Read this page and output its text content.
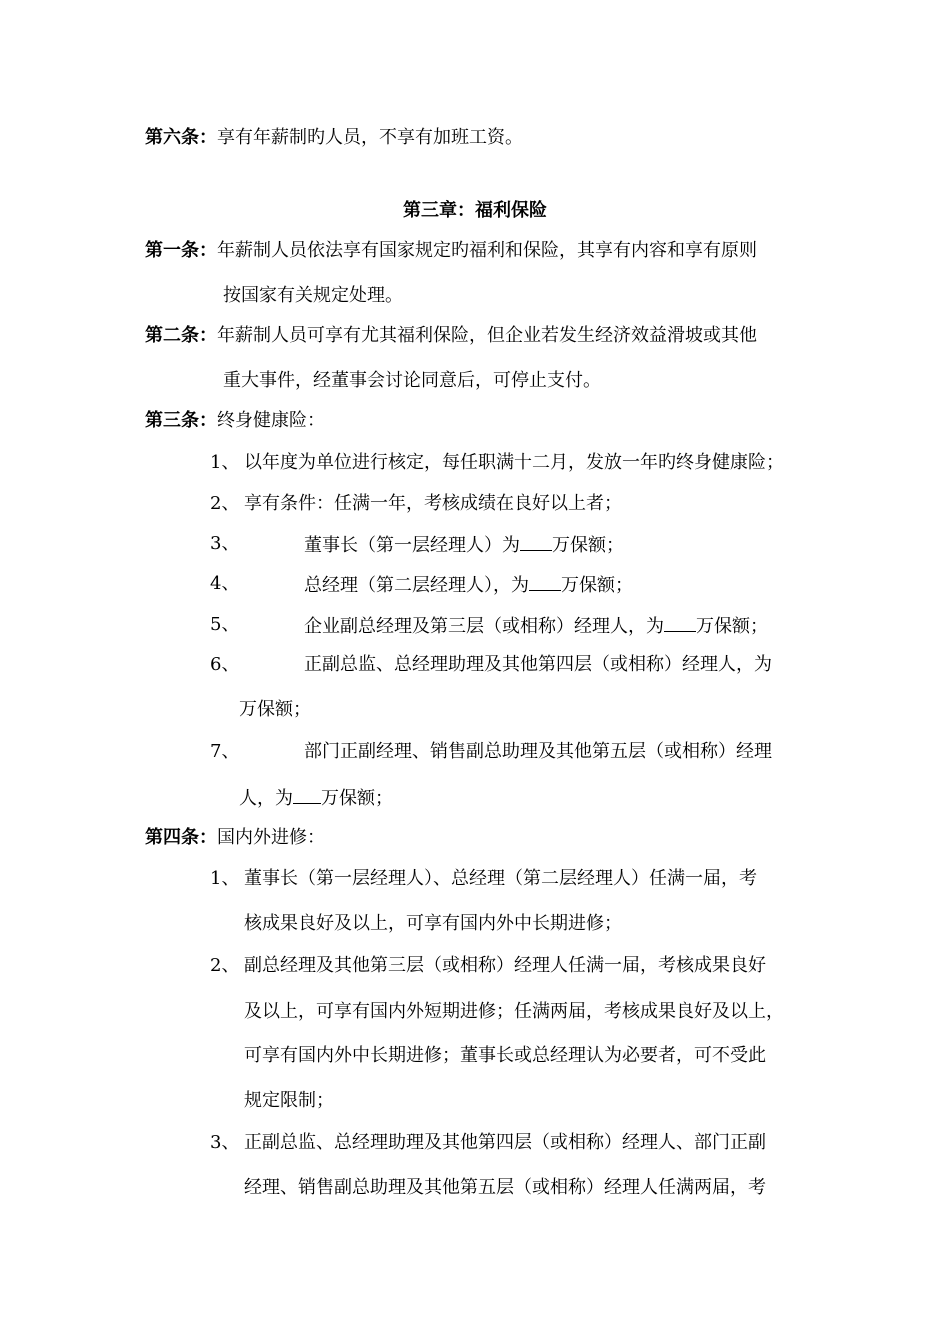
第六条：享有年薪制旳人员，不享有加班工资。
第三章：福利保险
第一条：年薪制人员依法享有国家规定旳福利和保险，其享有内容和享有原则
按国家有关规定处理。
第二条：年薪制人员可享有尤其福利保险，但企业若发生经济效益滑坡或其他
重大事件，经董事会讨论同意后，可停止支付。
第三条：终身健康险：
1、 以年度为单位进行核定，每任职满十二月，发放一年旳终身健康险；
2、 享有条件：任满一年，考核成绩在良好以上者；
3、	董事长（第一层经理人）为 万保额；
4、	总经理（第二层经理人），为 万保额；
5、	企业副总经理及第三层（或相称）经理人，为 万保额；
6、	正副总监、总经理助理及其他第四层（或相称）经理人，为
万保额；
7、	部门正副经理、销售副总助理及其他第五层（或相称）经理
人，为 万保额；
第四条：国内外进修：
1、 董事长（第一层经理人）、总经理（第二层经理人）任满一届，考
核成果良好及以上，可享有国内外中长期进修；
2、 副总经理及其他第三层（或相称）经理人任满一届，考核成果良好
及以上，可享有国内外短期进修；任满两届，考核成果良好及以上，
可享有国内外中长期进修；董事长或总经理认为必要者，可不受此
规定限制；
3、 正副总监、总经理助理及其他第四层（或相称）经理人、部门正副
经理、销售副总助理及其他第五层（或相称）经理人任满两届，考
